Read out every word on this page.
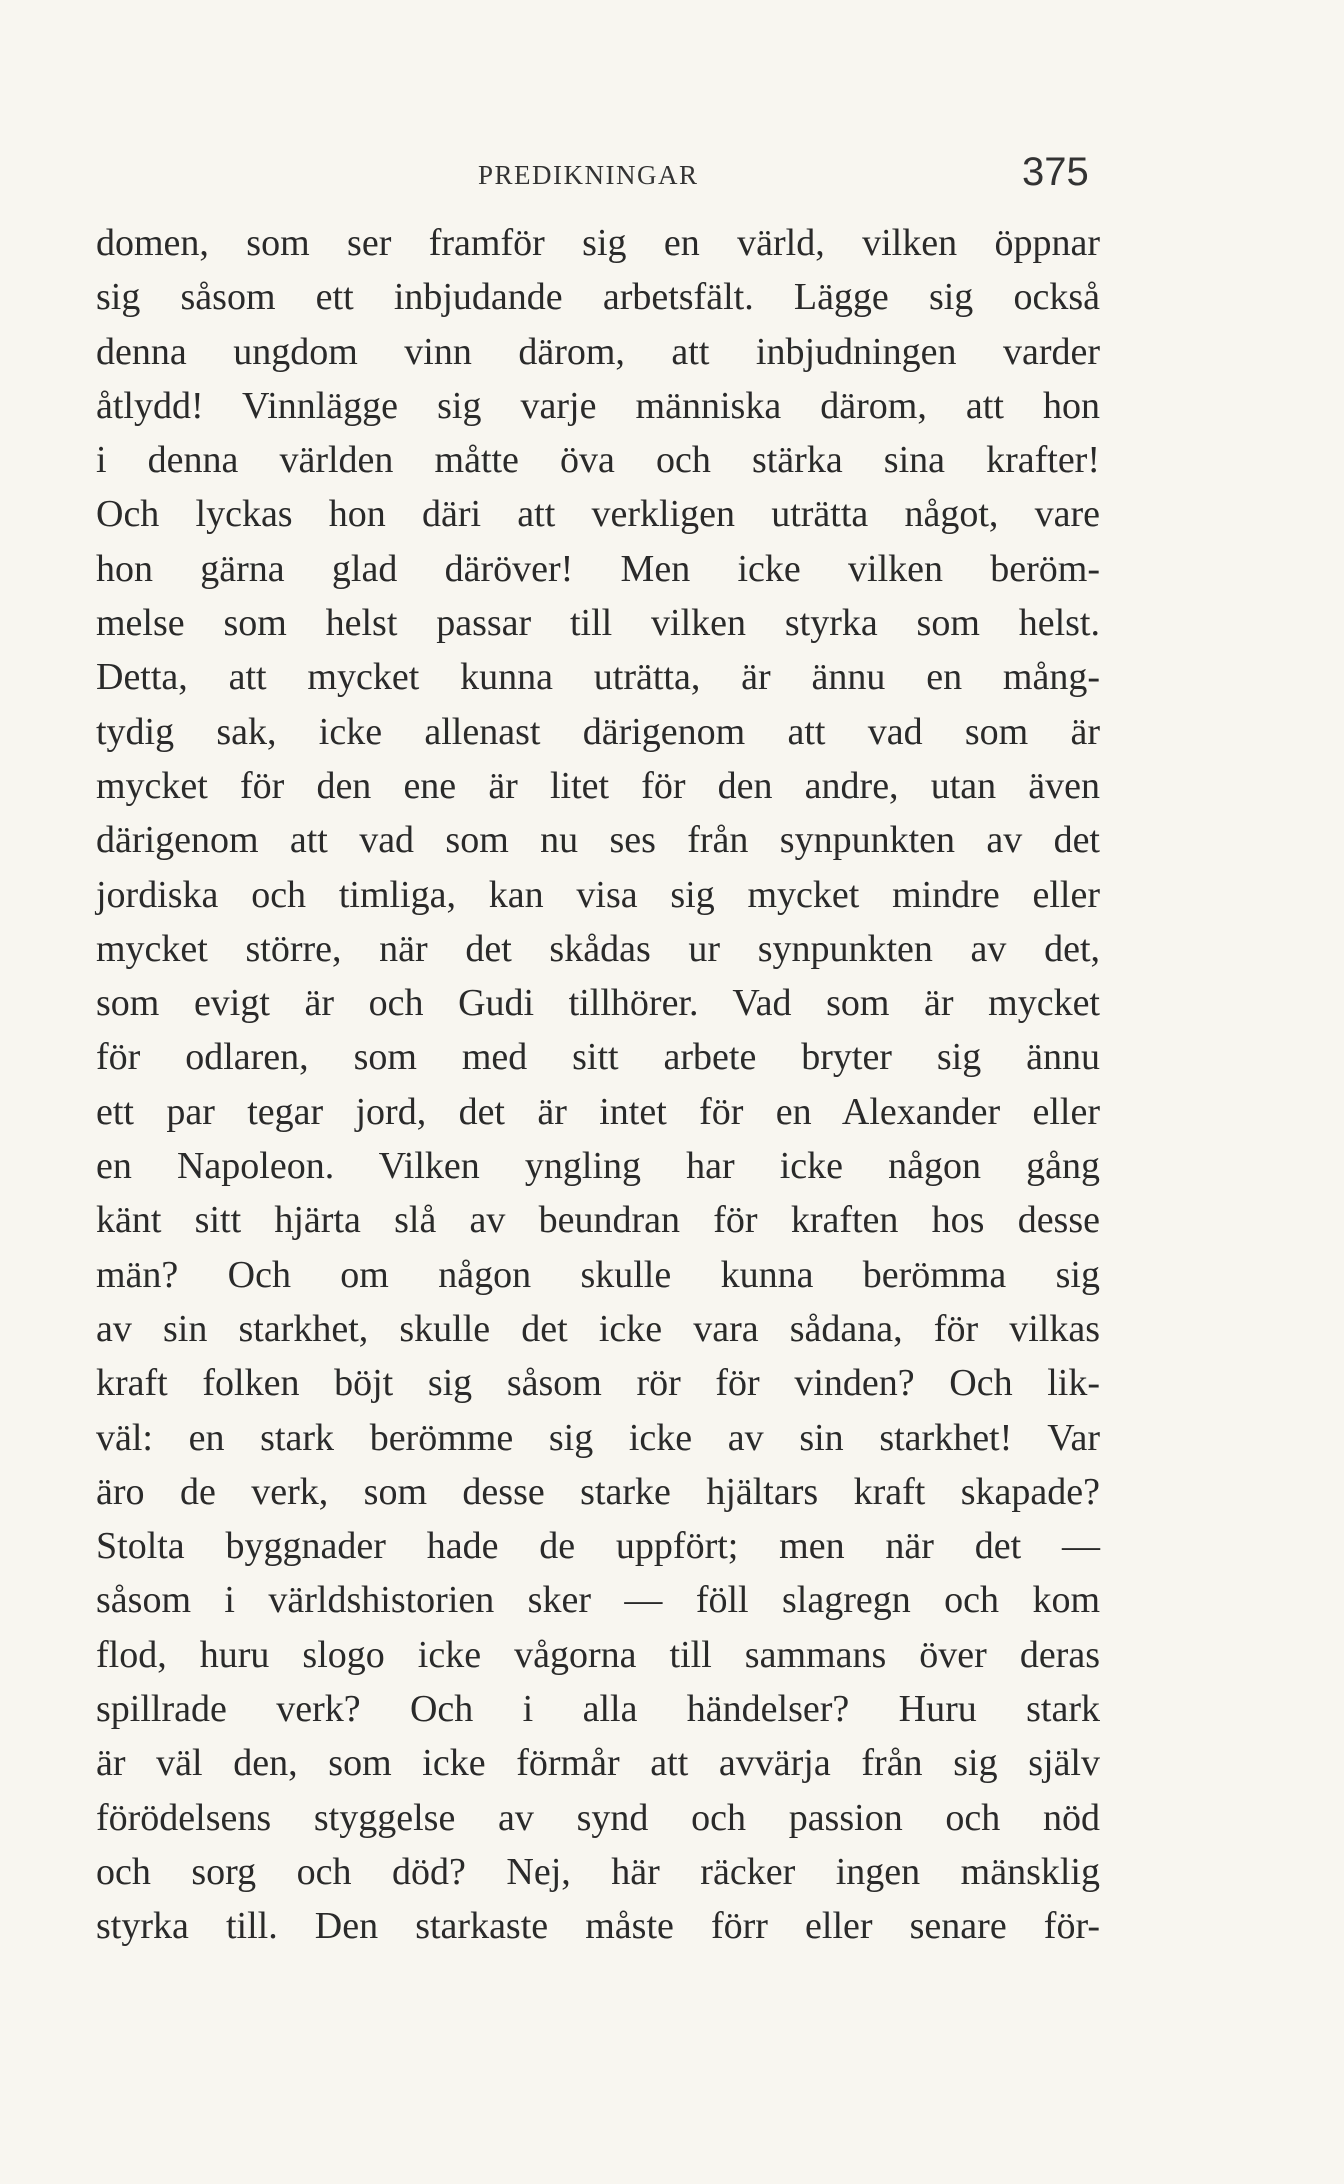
PREDIKNINGAR	375
domen, som ser framför sig en värld, vilken öppnar
sig såsom ett inbjudande arbetsfält. Lägge sig också
denna ungdom vinn därom, att inbjudningen varder
åtlydd! Vinnlägge sig varje människa därom, att hon
i denna världen måtte öva och stärka sina krafter!
Och lyckas hon däri att verkligen uträtta något, vare
hon gärna glad däröver! Men icke vilken beröm-
melse som helst passar till vilken styrka som helst.
Detta, att mycket kunna uträtta, är ännu en mång-
tydig sak, icke allenast därigenom att vad som är
mycket för den ene är litet för den andre, utan även
därigenom att vad som nu ses från synpunkten av det
jordiska och timliga, kan visa sig mycket mindre eller
mycket större, när det skådas ur synpunkten av det,
som evigt är och Gudi tillhörer. Vad som är mycket
för odlaren, som med sitt arbete bryter sig ännu
ett par tegar jord, det är intet för en Alexander eller
en Napoleon. Vilken yngling har icke någon gång
känt sitt hjärta slå av beundran för kraften hos desse
män? Och om någon skulle kunna berömma sig
av sin starkhet, skulle det icke vara sådana, för vilkas
kraft folken böjt sig såsom rör för vinden? Och lik-
väl: en stark berömme sig icke av sin starkhet! Var
äro de verk, som desse starke hjältars kraft skapade?
Stolta byggnader hade de uppfört; men när det —
såsom i världshistorien sker — föll slagregn och kom
flod, huru slogo icke vågorna till sammans över deras
spillrade verk? Och i alla händelser? Huru stark
är väl den, som icke förmår att avvärja från sig själv
förödelsens styggelse av synd och passion och nöd
och sorg och död? Nej, här räcker ingen mänsklig
styrka till. Den starkaste måste förr eller senare för-
